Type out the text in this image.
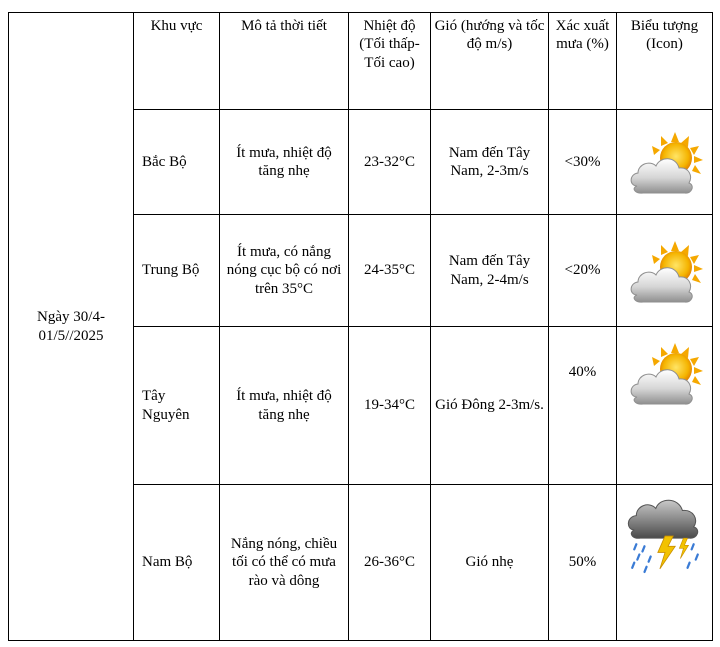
Ngày 30/4-01/5//2025	Khu vực	Mô tả thời tiết	Nhiệt độ (Tối thấp-Tối cao)	Gió (hướng và tốc độ m/s)	Xác xuất mưa (%)	Biểu tượng (Icon)
	Bắc Bộ	Ít mưa, nhiệt độ tăng nhẹ	23-32°C	Nam đến Tây Nam, 2-3m/s	<30%	

	Trung Bộ	Ít mưa, có nắng nóng cục bộ có nơi trên 35°C	24-35°C	Nam đến Tây Nam, 2-4m/s	<20%	

	Tây Nguyên	Ít mưa, nhiệt độ tăng nhẹ	19-34°C	Gió Đông 2-3m/s.	40%	

	Nam Bộ	Nắng nóng, chiều tối có thể có mưa rào và dông	26-36°C	Gió nhẹ	50%	
